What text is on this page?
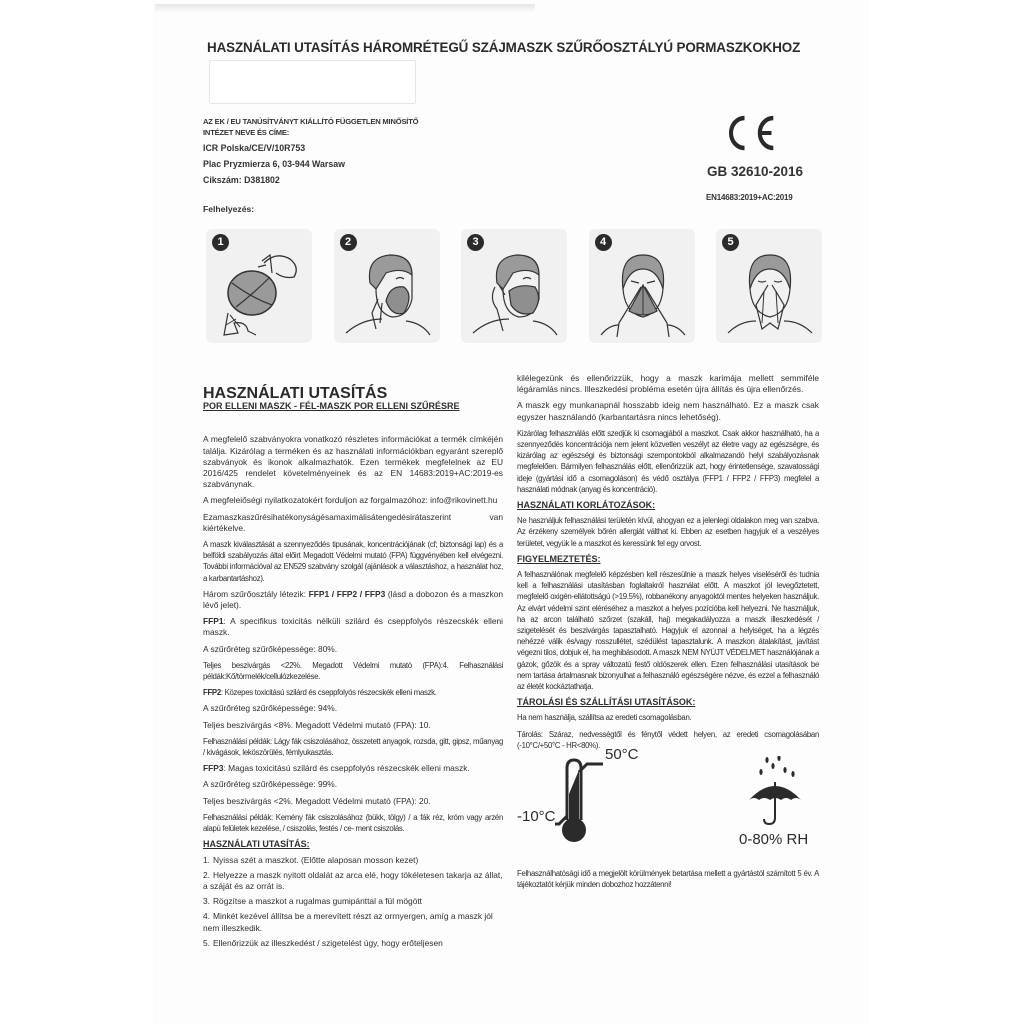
HASZNÁLATI UTASÍTÁS HÁROMRÉTEGŰ SZÁJMASZK SZŰRŐOSZTÁLYÚ PORMASZKOKHOZ
AZ EK / EU TANÚSÍTVÁNYT KIÁLLÍTÓ FÜGGETLEN MINŐSÍTŐ
INTÉZET NEVE ÉS CÍME:
ICR Polska/CE/V/10R753
Plac Pryzmierza 6, 03-944 Warsaw
Cikszám: D381802
GB 32610-2016
EN14683:2019+AC:2019
Felhelyezés:
1	2	3	4	5
HASZNÁLATI UTASÍTÁS
POR ELLENI MASZK - FÉL-MASZK POR ELLENI SZŰRÉSRE

A megfelelő szabványokra vonatkozó részletes információkat a termék címkéjén találja. Kizárólag a terméken és az használati információkban egyaránt szereplő szabványok és ikonok alkalmazhatók. Ezen termékek megfelelnek az EU 2016/425 rendelet követelményeinek és az EN 14683:2019+AC:2019-es szabványnak.

A megfeleiőségi nyilatkozatokért forduljon az forgalmazóhoz: info@rikovinett.hu

Ezamaszkaszűrésihatékonyságésamaximálisátengedésirátaszerint van kiértékelve.

A maszk kiválasztását a szennyeződés tipusának, koncentrációjának (cf; biztonsági lap) és a belföldi szabályozás által előirt Megadott Védelmi mutató (FPA) függvényében kell elvégezni. További információval az EN529 szabvány szolgál (ajánlások a választáshoz, a használat hoz, a karbantartáshoz).

Három szűrőosztály létezik: FFP1 / FFP2 / FFP3 (lásd a dobozon és a maszkon lévő jelet).

FFP1: A specifikus toxicitás nélküli szilárd és cseppfolyós részecskék elleni maszk.

A szűrőréteg szűrőképessége: 80%.

Teljes beszivárgás <22%. Megadott Védelmi mutató (FPA):4. Felhasználási példák:Kő/törmelék/cellulózkezelése.

FFP2: Közepes toxicitású szilárd és cseppfolyós részecskék elleni maszk.

A szűrőréteg szűrőképessége: 94%.

Teljes beszivárgás <8%. Megadott Védelmi mutató (FPA): 10.

Felhasználási példák: Lágy fák csiszolásához, összetett anyagok, rozsda, gitt, gipsz, műanyag / kivágások, leköszörülés, fémlyukasztás.

FFP3: Magas toxicitású szilárd és cseppfolyós részecskék elleni maszk.

A szűrőréteg szűrőképessége: 99%.

Teljes beszivárgás <2%. Megadott Védelmi mutató (FPA): 20.

Felhasználási példák: Kemény fák csiszolásához (bükk, tölgy) / a fák réz, króm vagy arzén alapú felületek kezelése, / csiszolás, festés / ce- ment csiszolás.

HASZNÁLATI UTASÍTÁS:
1. Nyissa szét a maszkot. (Előtte alaposan mosson kezet)
2. Helyezze a maszk nyitott oldalát az arca elé, hogy tökéletesen takarja az állat, a száját és az orrát is.
3. Rögzítse a maszkot a rugalmas gumipánttal a fül mögött
4. Minkét kezével állítsa be a merevített részt az orrnyergen, amíg a maszk jól nem illeszkedik.
5. Ellenőrizzük az illeszkedést / szigetelést úgy, hogy erőteljesen

kilélegezünk és ellenőrizzük, hogy a maszk karimája mellett semmiféle légáramlás nincs. Illeszkedési probléma esetén újra állítás és újra ellenőrzés.

A maszk egy munkanapnál hosszabb ideig nem használható. Ez a maszk csak egyszer használandó (karbantartásra nincs lehetőség).

Kizárólag felhasználás előtt szedjük ki csomagjából a maszkot. Csak akkor használható, ha a szennyeződés koncentrációja nem jelent közvetlen veszélyt az életre vagy az egészségre, és kizárólag az egészségi és biztonsági szempontokból alkalmazandó helyi szabályozásnak megfelelően. Bármilyen felhasználás előtt, ellenőrizzük azt, hogy érintetlensége, szavatossági ideje (gyártási idő a csomagoláson) és védő osztálya (FFP1 / FFP2 / FFP3) megfelel a használati módnak (anyag és koncentráció).

HASZNÁLATI KORLÁTOZÁSOK:

Ne használjuk felhasználási területén kívül, ahogyan ez a jelenlegi oldalakon meg van szabva. Az érzékeny személyek bőrén allergiát válthat ki. Ebben az esetben hagyjuk el a veszélyes területet, vegyük le a maszkot és keressünk fel egy orvost.

FIGYELMEZTETÉS:

A felhasználónak megfelelő képzésben kell részesülnie a maszk helyes viseléséről és tudnia kell a felhasználási utasításban foglaltakról használat előtt. A maszkot jól levegőztetett, megfelelő oxigén-ellátottságú (>19.5%), robbanékony anyagoktól mentes helyeken használjuk. Az elvárt védelmi szint eléréséhez a maszkot a helyes pozícióba kell helyezni. Ne használjuk, ha az arcon található szőrzet (szakáll, haj) megakadályozza a maszk illeszkedését / szigetelését és beszivárgás tapasztalható. Hagyjuk el azonnal a helyiséget, ha a légzés nehézzé válik és/vagy rosszullétet, szédülést tapasztalunk. A maszkon átalakítást, javítást végezni tilos, dobjuk el, ha meghibásodott. A maszk NEM NYÚJT VÉDELMET használójának a gázok, gőzök és a spray változatú festő oldószerek ellen. Ezen felhasználási utasítások be nem tartása ártalmasnak bizonyulhat a felhasználó egészségére nézve, és ezzel a felhasználó az életét kockáztathatja.

TÁROLÁSI ÉS SZÁLLÍTÁSI UTASÍTÁSOK:

Ha nem használja, szállítsa az eredeti csomagolásban.

Tárolás: Száraz, nedvességtől és fénytől védett helyen, az eredeti csomagolásában (-10°C/+50°C - HR<80%).

50°C
-10°C
0-80% RH

Felhasználhatósági idő a megjelölt körülmények betartása mellett a gyártástól számított 5 év. A tájékoztatót kérjük minden dobozhoz hozzátenni!
